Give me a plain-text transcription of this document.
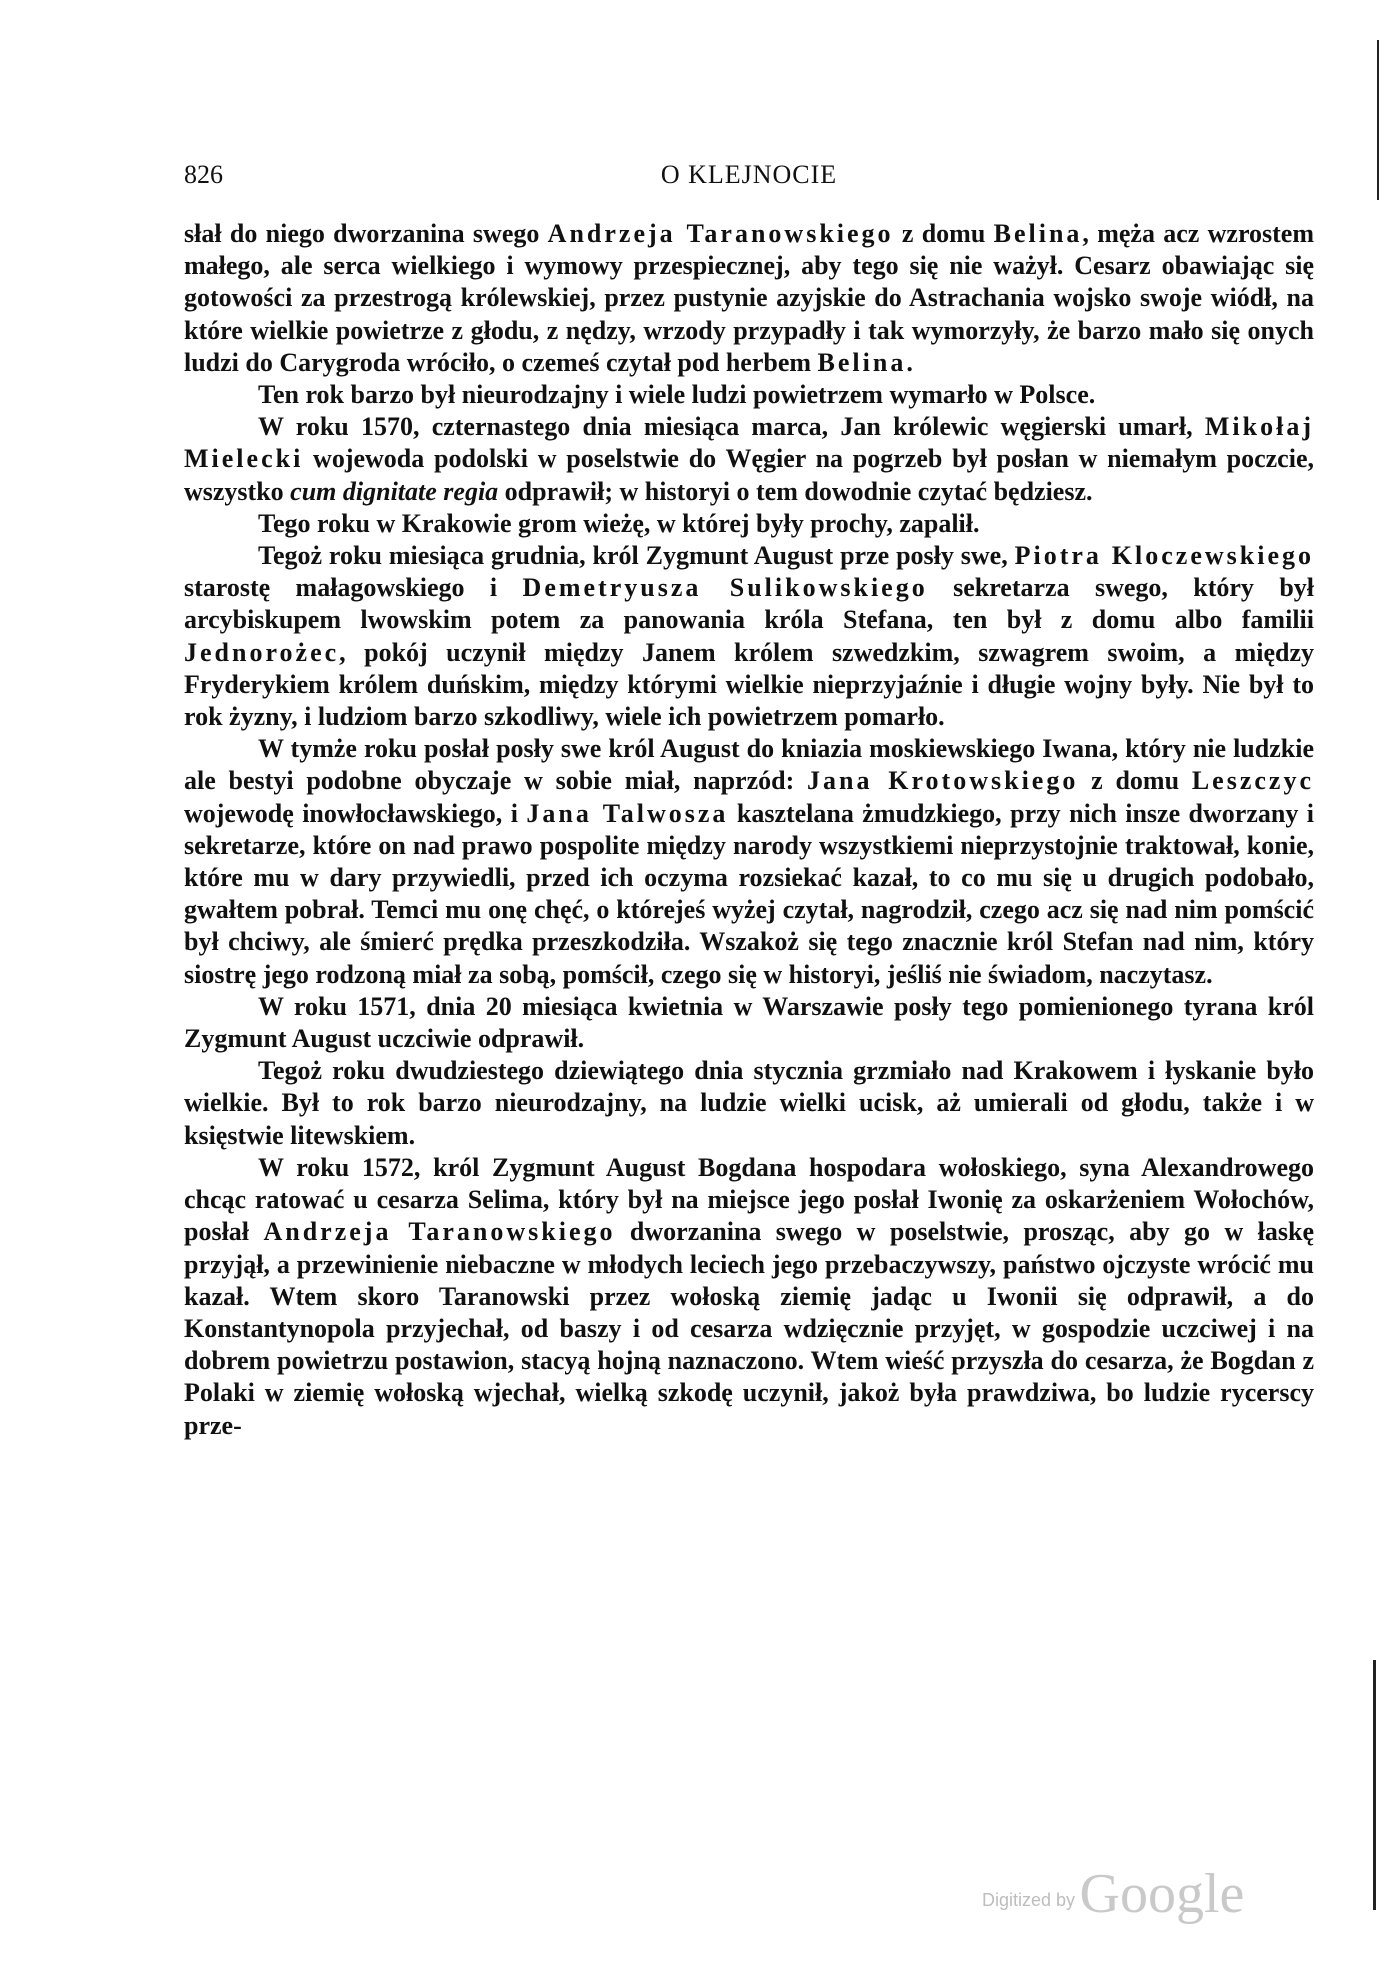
826	O KLEJNOCIE

słał do niego dworzanina swego Andrzeja Taranowskiego z domu Belina, męża acz wzrostem małego, ale serca wielkiego i wymowy przespiecznej, aby tego się nie ważył. Cesarz obawiając się gotowości za przestrogą królewskiej, przez pustynie azyjskie do Astrachania wojsko swoje wiódł, na które wielkie powietrze z głodu, z nędzy, wrzody przypadły i tak wymorzyły, że barzo mało się onych ludzi do Carygroda wróciło, o czemeś czytał pod herbem Belina.

Ten rok barzo był nieurodzajny i wiele ludzi powietrzem wymarło w Polsce.

W roku 1570, czternastego dnia miesiąca marca, Jan królewic węgierski umarł, Mikołaj Mielecki wojewoda podolski w poselstwie do Węgier na pogrzeb był posłan w niemałym poczcie, wszystko cum dignitate regia odprawił; w historyi o tem dowodnie czytać będziesz.

Tego roku w Krakowie grom wieżę, w której były prochy, zapalił.

Tegoż roku miesiąca grudnia, król Zygmunt August prze posły swe, Piotra Kloczewskiego starostę małagowskiego i Demetryusza Sulikowskiego sekretarza swego, który był arcybiskupem lwowskim potem za panowania króla Stefana, ten był z domu albo familii Jednorożec, pokój uczynił między Janem królem szwedzkim, szwagrem swoim, a między Fryderykiem królem duńskim, między którymi wielkie nieprzyjaźnie i długie wojny były. Nie był to rok żyzny, i ludziom barzo szkodliwy, wiele ich powietrzem pomarło.

W tymże roku posłał posły swe król August do kniazia moskiewskiego Iwana, który nie ludzkie ale bestyi podobne obyczaje w sobie miał, naprzód: Jana Krotowskiego z domu Leszczyc wojewodę inowłocławskiego, i Jana Talwosza kasztelana żmudzkiego, przy nich insze dworzany i sekretarze, które on nad prawo pospolite między narody wszystkiemi nieprzystojnie traktował, konie, które mu w dary przywiedli, przed ich oczyma rozsiekać kazał, to co mu się u drugich podobało, gwałtem pobrał. Temci mu onę chęć, o którejeś wyżej czytał, nagrodził, czego acz się nad nim pomścić był chciwy, ale śmierć prędka przeszkodziła. Wszakoż się tego znacznie król Stefan nad nim, który siostrę jego rodzoną miał za sobą, pomścił, czego się w historyi, jeśliś nie świadom, naczytasz.

W roku 1571, dnia 20 miesiąca kwietnia w Warszawie posły tego pomienionego tyrana król Zygmunt August uczciwie odprawił.

Tegoż roku dwudziestego dziewiątego dnia stycznia grzmiało nad Krakowem i łyskanie było wielkie. Był to rok barzo nieurodzajny, na ludzie wielki ucisk, aż umierali od głodu, także i w księstwie litewskiem.

W roku 1572, król Zygmunt August Bogdana hospodara wołoskiego, syna Alexandrowego chcąc ratować u cesarza Selima, który był na miejsce jego posłał Iwonię za oskarżeniem Wołochów, posłał Andrzeja Taranowskiego dworzanina swego w poselstwie, prosząc, aby go w łaskę przyjął, a przewinienie niebaczne w młodych leciech jego przebaczywszy, państwo ojczyste wrócić mu kazał. Wtem skoro Taranowski przez wołoską ziemię jadąc u Iwonii się odprawił, a do Konstantynopola przyjechał, od baszy i od cesarza wdzięcznie przyjęt, w gospodzie uczciwej i na dobrem powietrzu postawion, stacyą hojną naznaczono. Wtem wieść przyszła do cesarza, że Bogdan z Polaki w ziemię wołoską wjechał, wielką szkodę uczynił, jakoż była prawdziwa, bo ludzie rycerscy prze-

Digitized by Google
